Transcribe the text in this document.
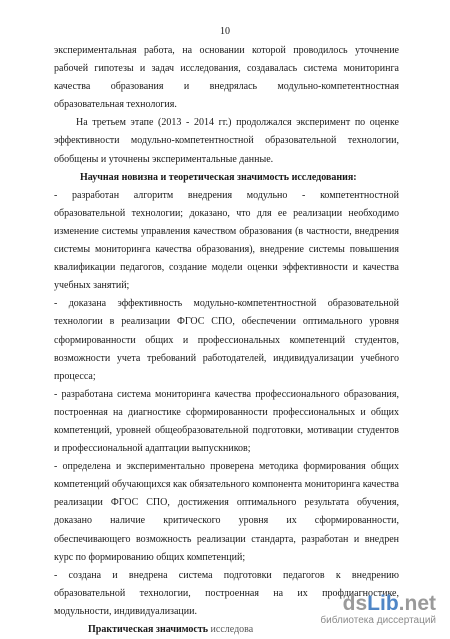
10

экспериментальная работа, на основании которой проводилось уточнение рабочей гипотезы и задач исследования, создавалась система мониторинга качества образования и внедрялась модульно-компетентностная образовательная технология.

На третьем этапе (2013 - 2014 гг.) продолжался эксперимент по оценке эффективности модульно-компетентностной образовательной технологии, обобщены и уточнены экспериментальные данные.

Научная новизна и теоретическая значимость исследования:

- разработан алгоритм внедрения модульно - компетентностной образовательной технологии; доказано, что для ее реализации необходимо изменение системы управления качеством образования (в частности, внедрения системы мониторинга качества образования), внедрение системы повышения квалификации педагогов, создание модели оценки эффективности и качества учебных занятий;

- доказана эффективность модульно-компетентностной образовательной технологии в реализации ФГОС СПО, обеспечении оптимального уровня сформированности общих и профессиональных компетенций студентов, возможности учета требований работодателей, индивидуализации учебного процесса;

- разработана система мониторинга качества профессионального образования, построенная на диагностике сформированности профессиональных и общих компетенций, уровней общеобразовательной подготовки, мотивации студентов и профессиональной адаптации выпускников;

- определена и экспериментально проверена методика формирования общих компетенций обучающихся как обязательного компонента мониторинга качества реализации ФГОС СПО, достижения оптимального результата обучения, доказано наличие критического уровня их сформированности, обеспечивающего возможность реализации стандарта, разработан и внедрен курс по формированию общих компетенций;

- создана и внедрена система подготовки педагогов к внедрению образовательной технологии, построенная на их профдиагностике, модульности, индивидуализации.

Практическая значимость исследова

dsLib.net
библиотека диссертаций
